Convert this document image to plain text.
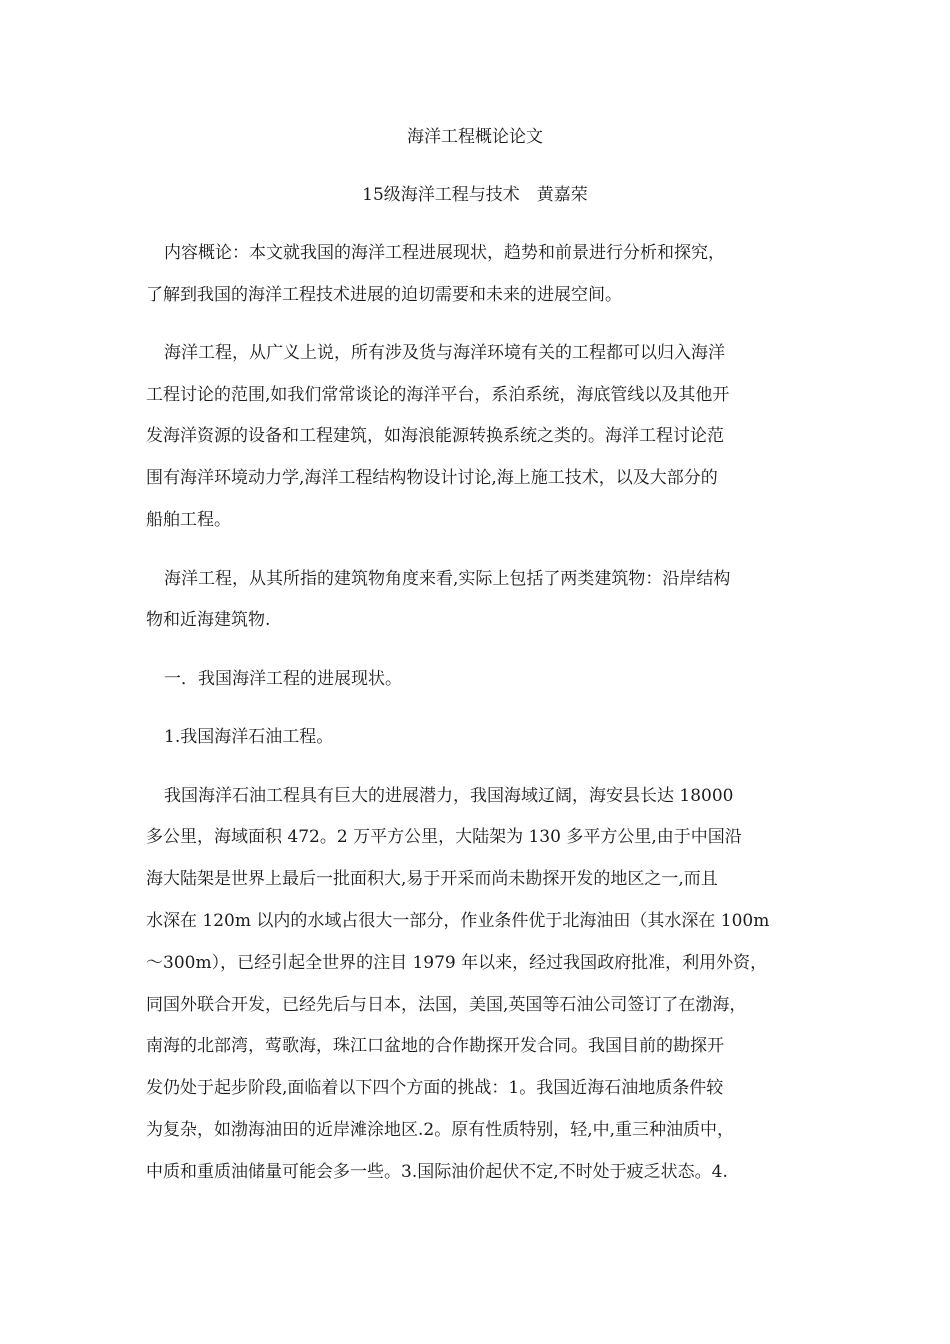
海洋工程概论论文
15级海洋工程与技术　黄嘉荣
内容概论：本文就我国的海洋工程进展现状，趋势和前景进行分析和探究，
了解到我国的海洋工程技术进展的迫切需要和未来的进展空间。
海洋工程，从广义上说，所有涉及货与海洋环境有关的工程都可以归入海洋
工程讨论的范围,如我们常常谈论的海洋平台，系泊系统，海底管线以及其他开
发海洋资源的设备和工程建筑，如海浪能源转换系统之类的。海洋工程讨论范
围有海洋环境动力学,海洋工程结构物设计讨论,海上施工技术，以及大部分的
船舶工程。
海洋工程，从其所指的建筑物角度来看,实际上包括了两类建筑物：沿岸结构
物和近海建筑物.
一．我国海洋工程的进展现状。
1.我国海洋石油工程。
我国海洋石油工程具有巨大的进展潜力，我国海域辽阔，海安县长达 18000
多公里，海域面积 472。2 万平方公里，大陆架为 130 多平方公里,由于中国沿
海大陆架是世界上最后一批面积大,易于开采而尚未勘探开发的地区之一,而且
水深在 120m 以内的水域占很大一部分，作业条件优于北海油田（其水深在 100m
～300m），已经引起全世界的注目 1979 年以来，经过我国政府批准，利用外资，
同国外联合开发，已经先后与日本，法国，美国,英国等石油公司签订了在渤海，
南海的北部湾，莺歌海，珠江口盆地的合作勘探开发合同。我国目前的勘探开
发仍处于起步阶段,面临着以下四个方面的挑战：1。我国近海石油地质条件较
为复杂，如渤海油田的近岸滩涂地区.2。原有性质特别，轻,中,重三种油质中，
中质和重质油储量可能会多一些。3.国际油价起伏不定,不时处于疲乏状态。4.
